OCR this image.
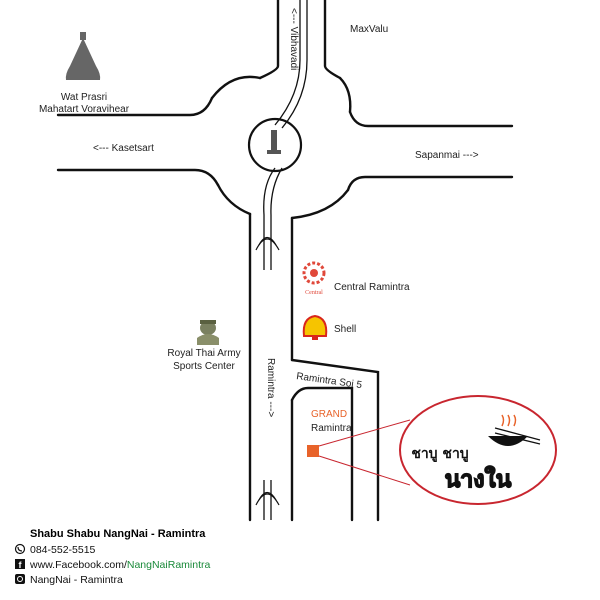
Central
ชาบู ชาบู
นางใน
MaxValu
Wat Prasri
Mahatart Voravihear
<--- Kasetsart
Sapanmai --->
<--- Vibhavadi
Central Ramintra
Shell
Royal Thai Army
Sports Center	Ramintra ---> Ramintra Soi 5
GRAND
Ramintra
Shabu Shabu NangNai - Ramintra
084-552-5515
f www.Facebook.com/NangNaiRamintra
NangNai - Ramintra
